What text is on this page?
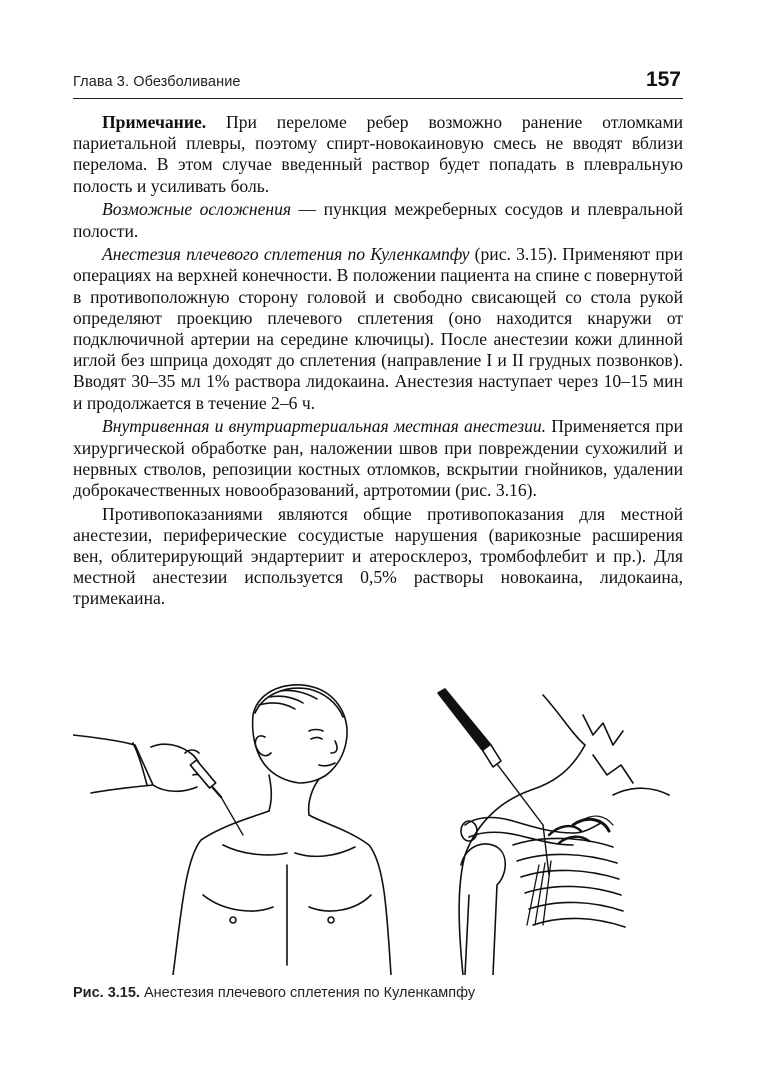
Глава 3. Обезболивание	157

Примечание. При переломе ребер возможно ранение отломками париетальной плевры, поэтому спирт-новокаиновую смесь не вводят вблизи перелома. В этом случае введенный раствор будет попадать в плевральную полость и усиливать боль.

Возможные осложнения — пункция межреберных сосудов и плевральной полости.

Анестезия плечевого сплетения по Куленкампфу (рис. 3.15). Применяют при операциях на верхней конечности. В положении пациента на спине с повернутой в противоположную сторону головой и свободно свисающей со стола рукой определяют проекцию плечевого сплетения (оно находится кнаружи от подключичной артерии на середине ключицы). После анестезии кожи длинной иглой без шприца доходят до сплетения (направление I и II грудных позвонков). Вводят 30–35 мл 1% раствора лидокаина. Анестезия наступает через 10–15 мин и продолжается в течение 2–6 ч.

Внутривенная и внутриартериальная местная анестезии. Применяется при хирургической обработке ран, наложении швов при повреждении сухожилий и нервных стволов, репозиции костных отломков, вскрытии гнойников, удалении доброкачественных новообразований, артротомии (рис. 3.16).

Противопоказаниями являются общие противопоказания для местной анестезии, периферические сосудистые нарушения (варикозные расширения вен, облитерирующий эндартериит и атеросклероз, тромбофлебит и пр.). Для местной анестезии используется 0,5% растворы новокаина, лидокаина, тримекаина.

Рис. 3.15. Анестезия плечевого сплетения по Куленкампфу
